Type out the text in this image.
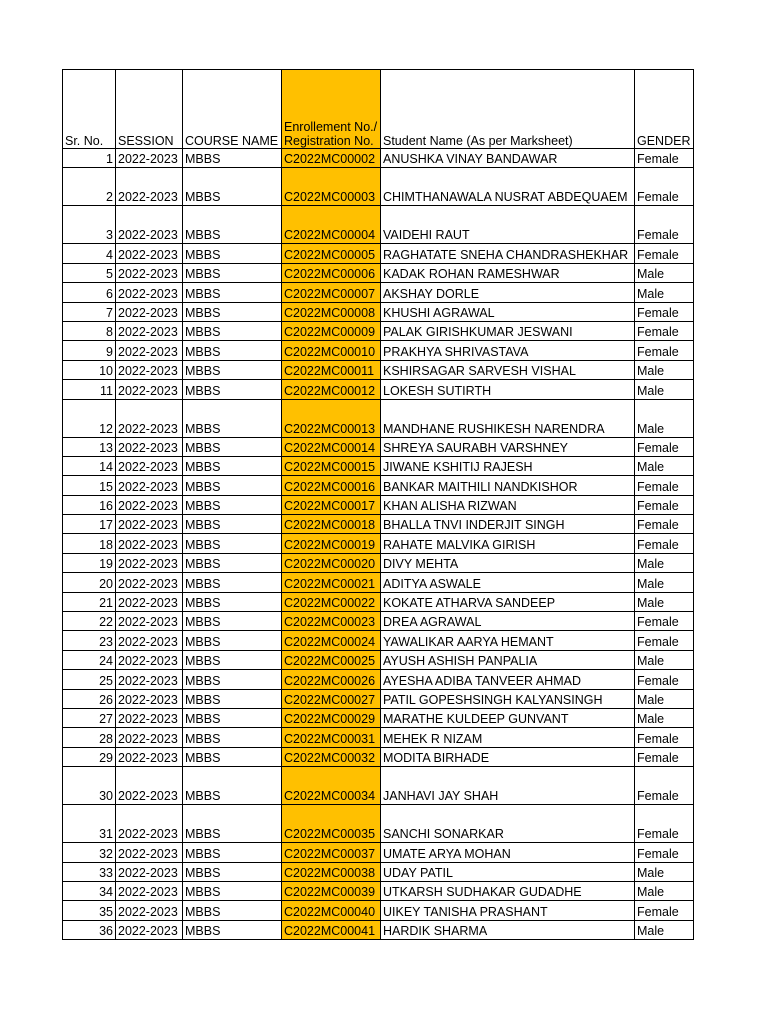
Sr. No.	SESSION	COURSE NAME	Enrollement No./ Registration No.	Student Name (As per Marksheet)	GENDER
1	2022-2023	MBBS	C2022MC00002	ANUSHKA VINAY BANDAWAR	Female
2	2022-2023	MBBS	C2022MC00003	CHIMTHANAWALA NUSRAT ABDEQUAEM	Female
3	2022-2023	MBBS	C2022MC00004	VAIDEHI RAUT	Female
4	2022-2023	MBBS	C2022MC00005	RAGHATATE SNEHA CHANDRASHEKHAR	Female
5	2022-2023	MBBS	C2022MC00006	KADAK ROHAN RAMESHWAR	Male
6	2022-2023	MBBS	C2022MC00007	AKSHAY DORLE	Male
7	2022-2023	MBBS	C2022MC00008	KHUSHI AGRAWAL	Female
8	2022-2023	MBBS	C2022MC00009	PALAK GIRISHKUMAR JESWANI	Female
9	2022-2023	MBBS	C2022MC00010	PRAKHYA SHRIVASTAVA	Female
10	2022-2023	MBBS	C2022MC00011	KSHIRSAGAR SARVESH VISHAL	Male
11	2022-2023	MBBS	C2022MC00012	LOKESH SUTIRTH	Male
12	2022-2023	MBBS	C2022MC00013	MANDHANE RUSHIKESH NARENDRA	Male
13	2022-2023	MBBS	C2022MC00014	SHREYA SAURABH VARSHNEY	Female
14	2022-2023	MBBS	C2022MC00015	JIWANE KSHITIJ RAJESH	Male
15	2022-2023	MBBS	C2022MC00016	BANKAR MAITHILI NANDKISHOR	Female
16	2022-2023	MBBS	C2022MC00017	KHAN ALISHA RIZWAN	Female
17	2022-2023	MBBS	C2022MC00018	BHALLA TNVI INDERJIT SINGH	Female
18	2022-2023	MBBS	C2022MC00019	RAHATE MALVIKA GIRISH	Female
19	2022-2023	MBBS	C2022MC00020	DIVY MEHTA	Male
20	2022-2023	MBBS	C2022MC00021	ADITYA ASWALE	Male
21	2022-2023	MBBS	C2022MC00022	KOKATE ATHARVA SANDEEP	Male
22	2022-2023	MBBS	C2022MC00023	DREA AGRAWAL	Female
23	2022-2023	MBBS	C2022MC00024	YAWALIKAR AARYA HEMANT	Female
24	2022-2023	MBBS	C2022MC00025	AYUSH ASHISH PANPALIA	Male
25	2022-2023	MBBS	C2022MC00026	AYESHA ADIBA TANVEER AHMAD	Female
26	2022-2023	MBBS	C2022MC00027	PATIL GOPESHSINGH KALYANSINGH	Male
27	2022-2023	MBBS	C2022MC00029	MARATHE KULDEEP GUNVANT	Male
28	2022-2023	MBBS	C2022MC00031	MEHEK R NIZAM	Female
29	2022-2023	MBBS	C2022MC00032	MODITA BIRHADE	Female
30	2022-2023	MBBS	C2022MC00034	JANHAVI JAY SHAH	Female
31	2022-2023	MBBS	C2022MC00035	SANCHI SONARKAR	Female
32	2022-2023	MBBS	C2022MC00037	UMATE ARYA MOHAN	Female
33	2022-2023	MBBS	C2022MC00038	UDAY PATIL	Male
34	2022-2023	MBBS	C2022MC00039	UTKARSH SUDHAKAR GUDADHE	Male
35	2022-2023	MBBS	C2022MC00040	UIKEY TANISHA PRASHANT	Female
36	2022-2023	MBBS	C2022MC00041	HARDIK SHARMA	Male
